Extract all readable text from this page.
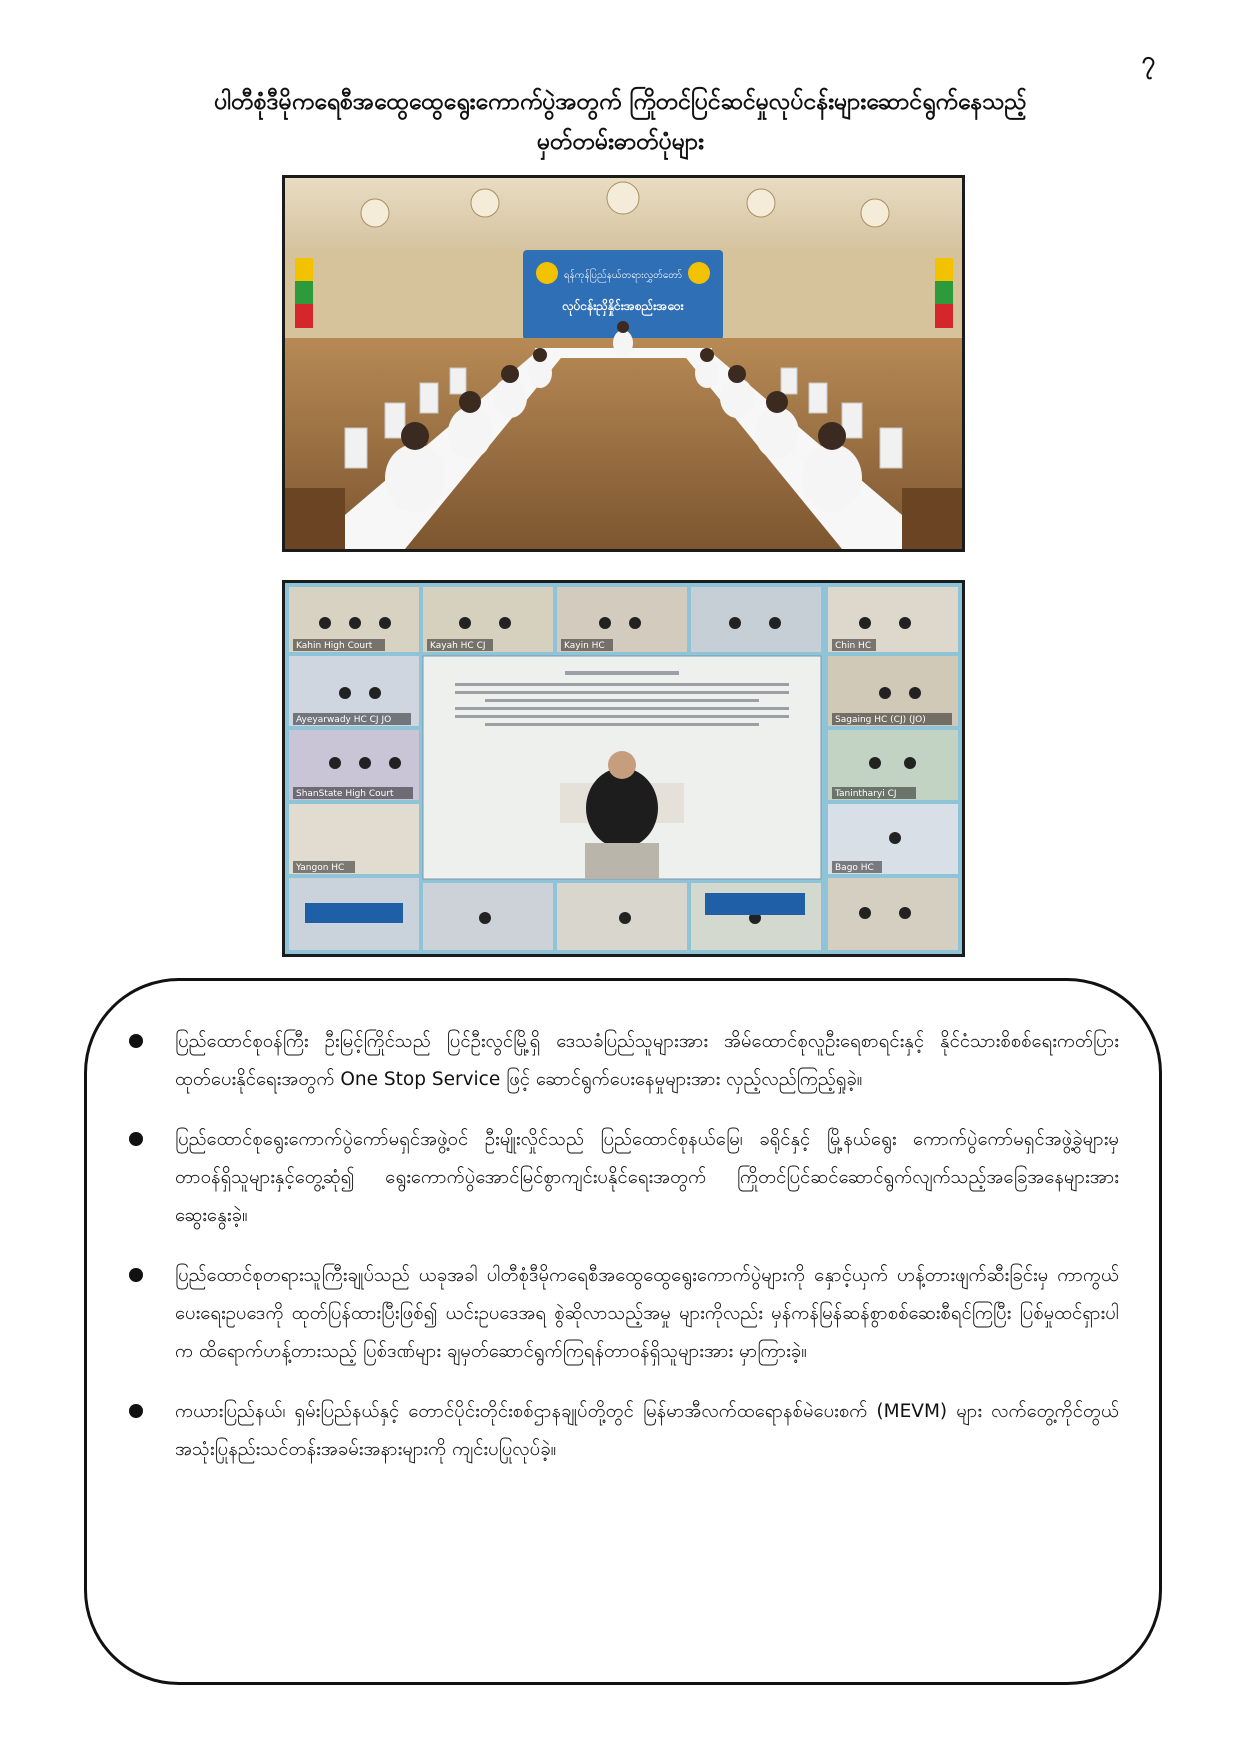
၇
ပါတီစုံဒီမိုကရေစီအထွေထွေရွေးကောက်ပွဲအတွက် ကြိုတင်ပြင်ဆင်မှုလုပ်ငန်းများဆောင်ရွက်နေသည့်
မှတ်တမ်းဓာတ်ပုံများ
ရန်ကုန်ပြည်နယ်တရားလွှတ်တော်
လုပ်ငန်းညှိနှိုင်းအစည်းအဝေး
Kahin High Court	Kayah HC CJ	Kayin HC	Chin HC
Ayeyarwady HC CJ JO	Sagaing HC (CJ) (JO)
ShanState High Court	Tanintharyi CJ
Yangon HC	Bago HC
ပြည်ထောင်စုဝန်ကြီး ဦးမြင့်ကြိုင်သည် ပြင်ဦးလွင်မြို့ရှိ ဒေသခံပြည်သူများအား အိမ်ထောင်စုလူဦးရေစာရင်းနှင့် နိုင်ငံသားစိစစ်ရေးကတ်ပြားထုတ်ပေးနိုင်ရေးအတွက် One Stop Service ဖြင့် ဆောင်ရွက်ပေးနေမှုများအား လှည့်လည်ကြည့်ရှုခဲ့။
ပြည်ထောင်စုရွေးကောက်ပွဲကော်မရှင်အဖွဲ့ဝင် ဦးမျိုးလှိုင်သည် ပြည်ထောင်စုနယ်မြေ၊ ခရိုင်နှင့် မြို့နယ်ရွေး ကောက်ပွဲကော်မရှင်အဖွဲ့ခွဲများမှ တာဝန်ရှိသူများနှင့်တွေ့ဆုံ၍ ရွေးကောက်ပွဲအောင်မြင်စွာကျင်းပနိုင်ရေးအတွက် ကြိုတင်ပြင်ဆင်ဆောင်ရွက်လျက်သည့်အခြေအနေများအား ဆွေးနွေးခဲ့။
ပြည်ထောင်စုတရားသူကြီးချုပ်သည် ယခုအခါ ပါတီစုံဒီမိုကရေစီအထွေထွေရွေးကောက်ပွဲများကို နှောင့်ယှက် ဟန့်တားဖျက်ဆီးခြင်းမှ ကာကွယ်ပေးရေးဥပဒေကို ထုတ်ပြန်ထားပြီးဖြစ်၍ ယင်းဥပဒေအရ စွဲဆိုလာသည့်အမှု များကိုလည်း မှန်ကန်မြန်ဆန်စွာစစ်ဆေးစီရင်ကြပြီး ပြစ်မှုထင်ရှားပါက ထိရောက်ဟန့်တားသည့် ပြစ်ဒဏ်များ ချမှတ်ဆောင်ရွက်ကြရန်တာဝန်ရှိသူများအား မှာကြားခဲ့။
ကယားပြည်နယ်၊ ရှမ်းပြည်နယ်နှင့် တောင်ပိုင်းတိုင်းစစ်ဌာနချုပ်တို့တွင် မြန်မာအီလက်ထရောနစ်မဲပေးစက် (MEVM) များ လက်တွေ့ကိုင်တွယ်အသုံးပြုနည်းသင်တန်းအခမ်းအနားများကို ကျင်းပပြုလုပ်ခဲ့။
